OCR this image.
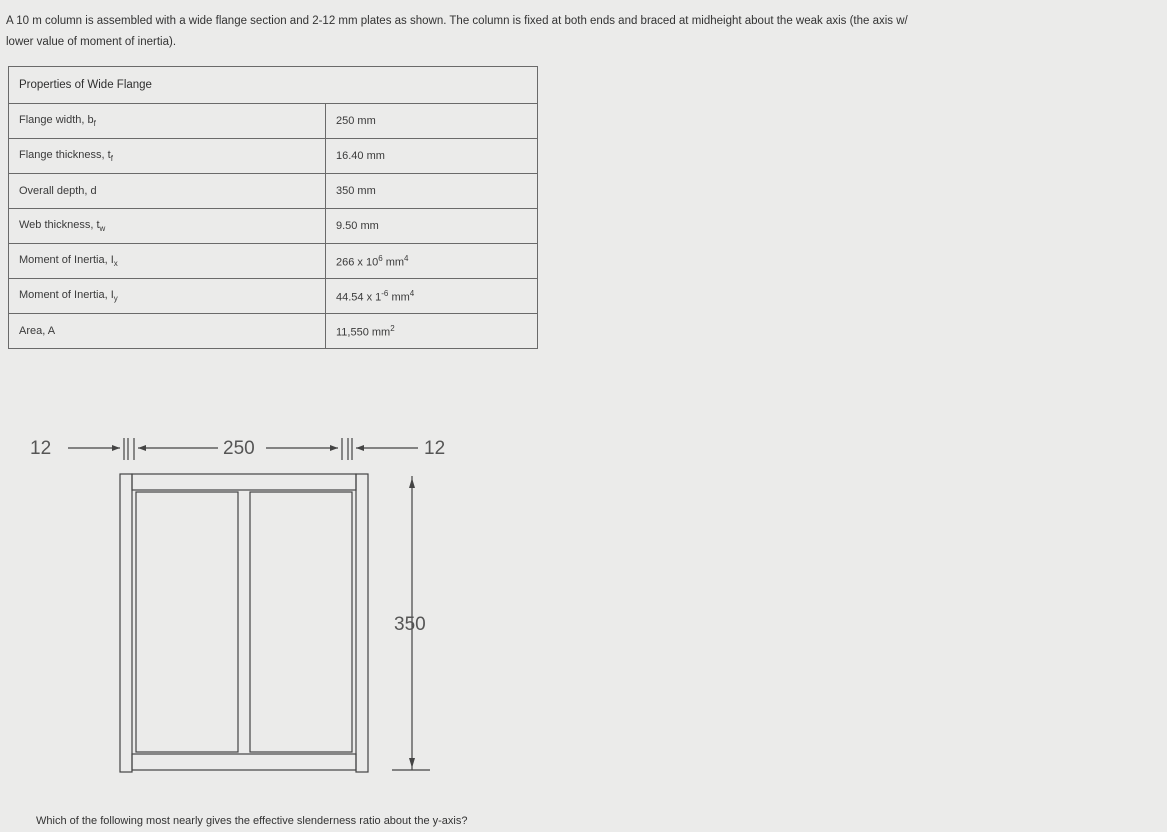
A 10 m column is assembled with a wide flange section and 2-12 mm plates as shown. The column is fixed at both ends and braced at midheight about the weak axis (the axis w/
lower value of moment of inertia).
Properties of Wide Flange	
Flange width, $b_f$	250 mm
Flange thickness, $t_f$	16.40 mm
Overall depth, d	350 mm
Web thickness, $t_w$	9.50 mm
Moment of Inertia, $I_x$	266 x $10^6$ $mm^4$
Moment of Inertia, $I_y$	44.54 x $1^{-6}$ $mm^4$
Area, A	11,550 $mm^2$
12	250	12
350
Which of the following most nearly gives the effective slenderness ratio about the y-axis?
